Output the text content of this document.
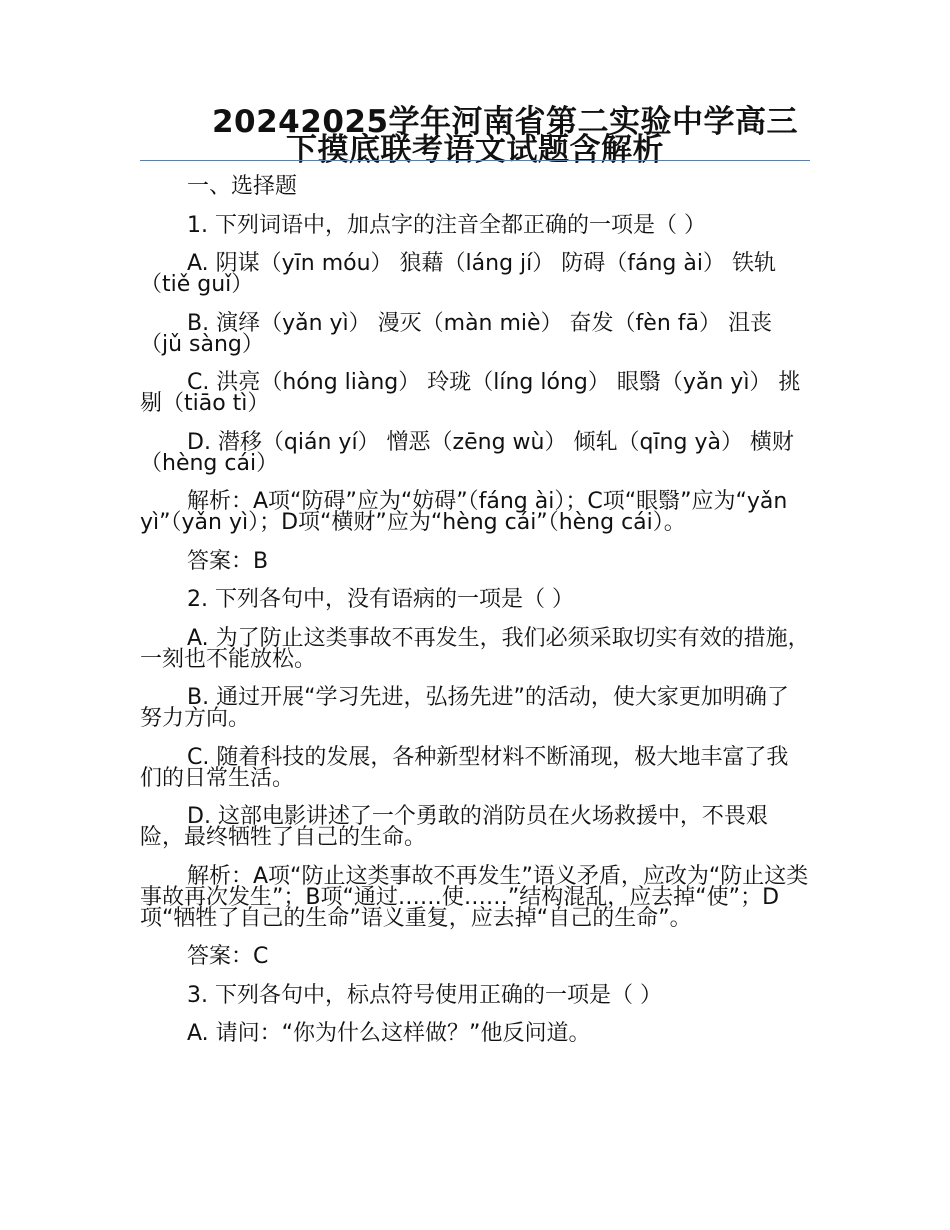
20242025学年河南省第二实验中学高三下摸底联考语文试题含解析

一、选择题

1. 下列词语中，加点字的注音全都正确的一项是（ ）

A. 阴谋（yīn móu） 狼藉（láng jí） 防碍（fáng ài） 铁轨（tiě guǐ）

B. 演绎（yǎn yì） 漫灭（màn miè） 奋发（fèn fā） 沮丧（jǔ sàng）

C. 洪亮（hóng liàng） 玲珑（líng lóng） 眼翳（yǎn yì） 挑剔（tiāo tì）

D. 潜移（qián yí） 憎恶（zēng wù） 倾轧（qīng yà） 横财（hèng cái）

解析：A项“防碍”应为“妨碍”（fáng ài）；C项“眼翳”应为“yǎn yì”（yǎn yì）；D项“横财”应为“hèng cái”（hèng cái）。

答案：B

2. 下列各句中，没有语病的一项是（ ）

A. 为了防止这类事故不再发生，我们必须采取切实有效的措施，一刻也不能放松。

B. 通过开展“学习先进，弘扬先进”的活动，使大家更加明确了努力方向。

C. 随着科技的发展，各种新型材料不断涌现，极大地丰富了我们的日常生活。

D. 这部电影讲述了一个勇敢的消防员在火场救援中，不畏艰险，最终牺牲了自己的生命。

解析：A项“防止这类事故不再发生”语义矛盾，应改为“防止这类事故再次发生”；B项“通过……使……”结构混乱，应去掉“使”；D项“牺牲了自己的生命”语义重复，应去掉“自己的生命”。

答案：C

3. 下列各句中，标点符号使用正确的一项是（ ）

A. 请问：“你为什么这样做？”他反问道。
